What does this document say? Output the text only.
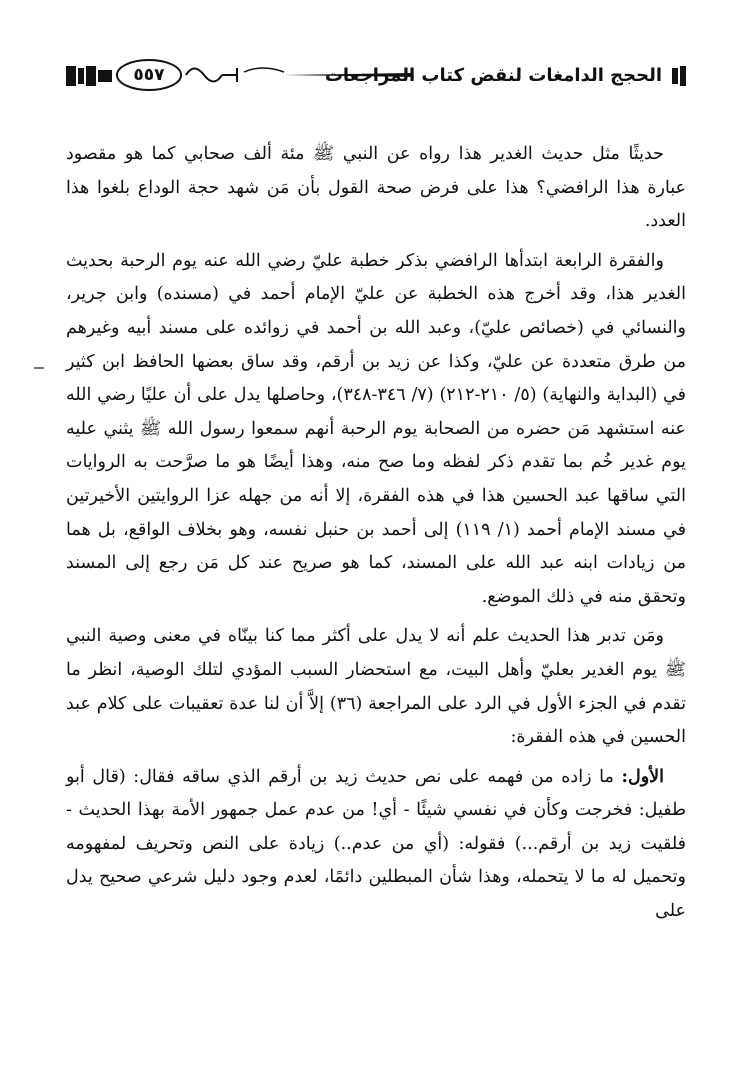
٥٥٧	الحجج الدامغات لنقض كتاب المراجعات

حديثًا مثل حديث الغدير هذا رواه عن النبي ﷺ مئة ألف صحابي كما هو مقصود عبارة هذا الرافضي؟ هذا على فرض صحة القول بأن مَن شهد حجة الوداع بلغوا هذا العدد.

والفقرة الرابعة ابتدأها الرافضي بذكر خطبة عليّ رضي الله عنه يوم الرحبة بحديث الغدير هذا، وقد أخرج هذه الخطبة عن عليّ الإمام أحمد في (مسنده) وابن جرير، والنسائي في (خصائص عليّ)، وعبد الله بن أحمد في زوائده على مسند أبيه وغيرهم من طرق متعددة عن عليّ، وكذا عن زيد بن أرقم، وقد ساق بعضها الحافظ ابن كثير في (البداية والنهاية) (٥/ ٢١٠-٢١٢) (٧/ ٣٤٦-٣٤٨)، وحاصلها يدل على أن عليًا رضي الله عنه استشهد مَن حضره من الصحابة يوم الرحبة أنهم سمعوا رسول الله ﷺ يثني عليه يوم غدير خُم بما تقدم ذكر لفظه وما صح منه، وهذا أيضًا هو ما صرَّحت به الروايات التي ساقها عبد الحسين هذا في هذه الفقرة، إلا أنه من جهله عزا الروايتين الأخيرتين في مسند الإمام أحمد (١/ ١١٩) إلى أحمد بن حنبل نفسه، وهو بخلاف الواقع، بل هما من زيادات ابنه عبد الله على المسند، كما هو صريح عند كل مَن رجع إلى المسند وتحقق منه في ذلك الموضع.

ومَن تدبر هذا الحديث علم أنه لا يدل على أكثر مما كنا بينّاه في معنى وصية النبي ﷺ يوم الغدير بعليّ وأهل البيت، مع استحضار السبب المؤدي لتلك الوصية، انظر ما تقدم في الجزء الأول في الرد على المراجعة (٣٦) إلاَّ أن لنا عدة تعقيبات على كلام عبد الحسين في هذه الفقرة:

الأول: ما زاده من فهمه على نص حديث زيد بن أرقم الذي ساقه فقال: (قال أبو طفيل: فخرجت وكأن في نفسي شيئًا - أي! من عدم عمل جمهور الأمة بهذا الحديث - فلقيت زيد بن أرقم...) فقوله: (أي من عدم..) زيادة على النص وتحريف لمفهومه وتحميل له ما لا يتحمله، وهذا شأن المبطلين دائمًا، لعدم وجود دليل شرعي صحيح يدل على
